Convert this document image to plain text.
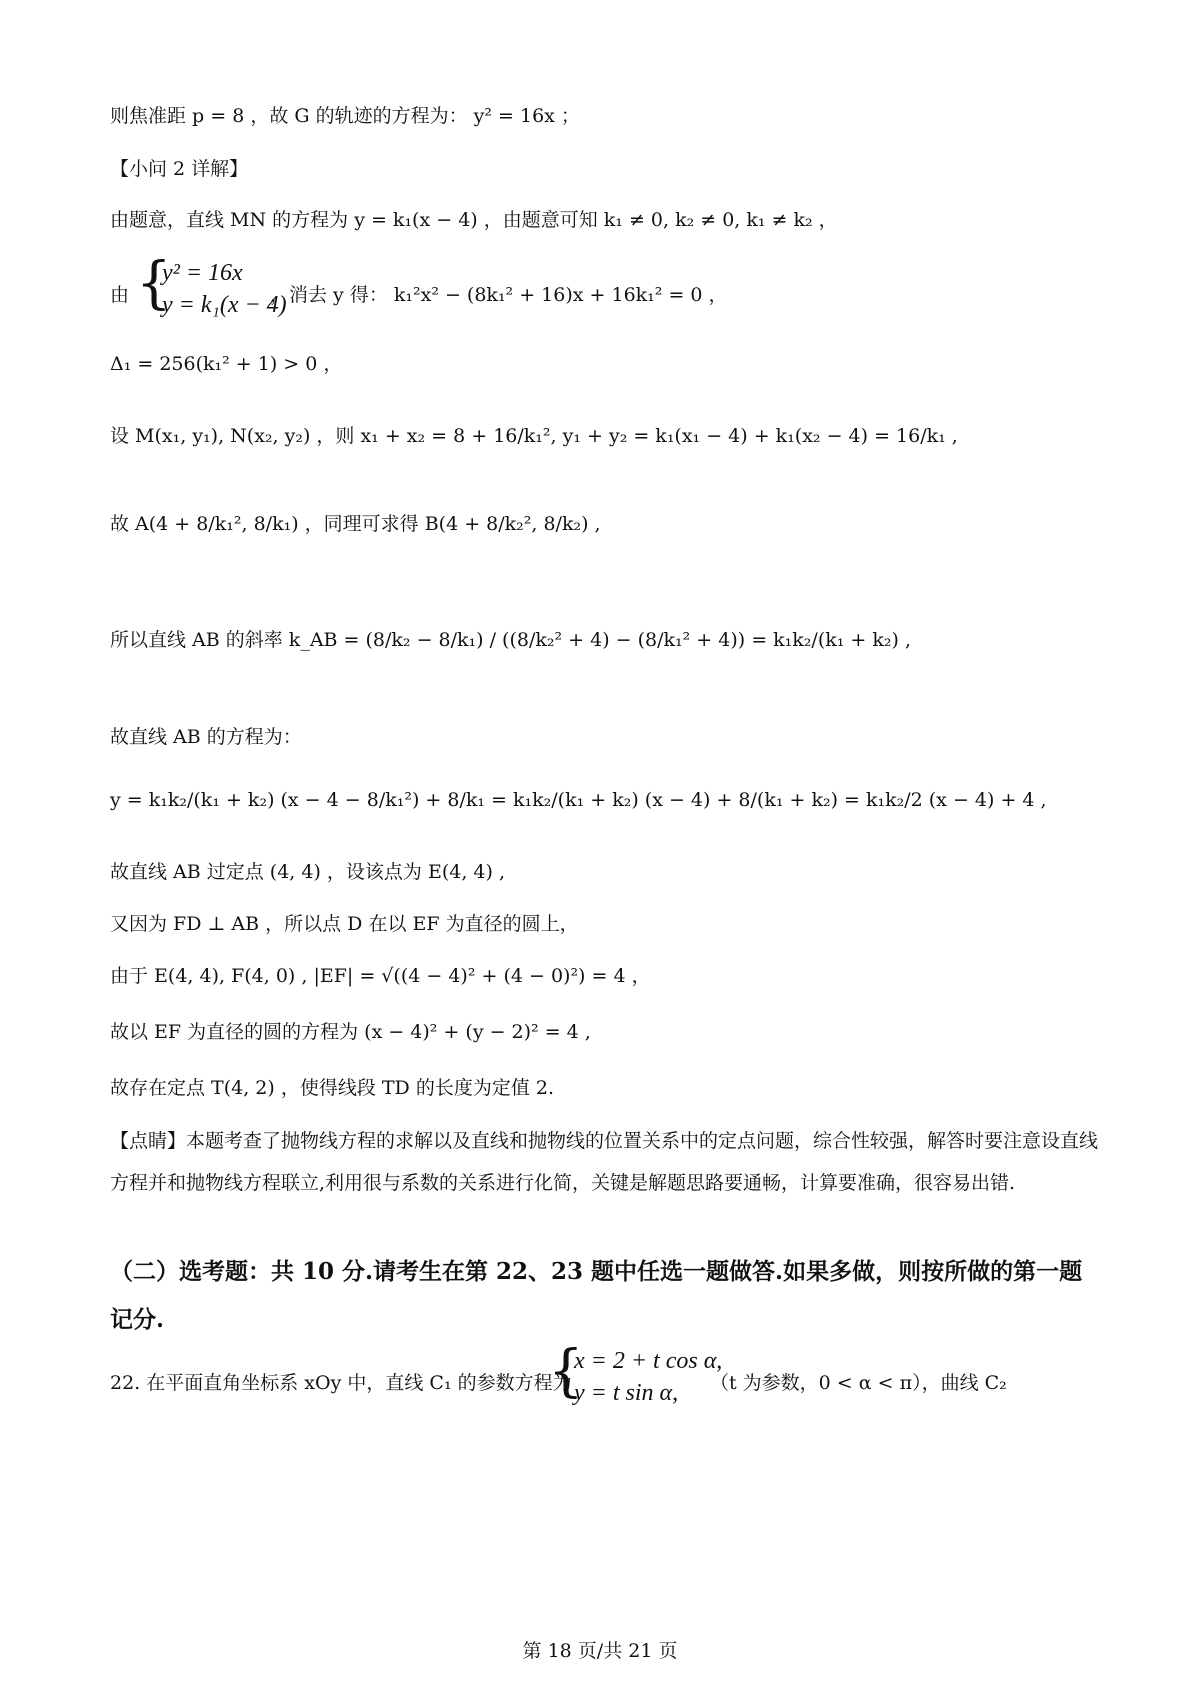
则焦准距 p = 8 ，故 G 的轨迹的方程为： y² = 16x ；
【小问 2 详解】
由题意，直线 MN 的方程为 y = k₁(x − 4) ，由题意可知 k₁ ≠ 0, k₂ ≠ 0, k₁ ≠ k₂ ，
由 {
y² = 16x
y = k₁(x − 4)
，消去 y 得： k₁²x² − (8k₁² + 16)x + 16k₁² = 0 ，
Δ₁ = 256(k₁² + 1) > 0 ，
设 M(x₁, y₁), N(x₂, y₂) ，则 x₁ + x₂ = 8 + 16/k₁², y₁ + y₂ = k₁(x₁ − 4) + k₁(x₂ − 4) = 16/k₁ ,
故 A(4 + 8/k₁², 8/k₁) ，同理可求得 B(4 + 8/k₂², 8/k₂) ,
所以直线 AB 的斜率 k_AB = (8/k₂ − 8/k₁) / ((8/k₂² + 4) − (8/k₁² + 4)) = k₁k₂/(k₁ + k₂) ,
故直线 AB 的方程为：
y = k₁k₂/(k₁ + k₂) (x − 4 − 8/k₁²) + 8/k₁ = k₁k₂/(k₁ + k₂) (x − 4) + 8/(k₁ + k₂) = k₁k₂/2 (x − 4) + 4 ,
故直线 AB 过定点 (4, 4) ，设该点为 E(4, 4) ,
又因为 FD ⊥ AB ，所以点 D 在以 EF 为直径的圆上，
由于 E(4, 4), F(4, 0) , |EF| = √((4 − 4)² + (4 − 0)²) = 4 ，
故以 EF 为直径的圆的方程为 (x − 4)² + (y − 2)² = 4 ,
故存在定点 T(4, 2) ，使得线段 TD 的长度为定值 2.
【点睛】本题考查了抛物线方程的求解以及直线和抛物线的位置关系中的定点问题，综合性较强，解答时要注意设直线方程并和抛物线方程联立,利用很与系数的关系进行化简，关键是解题思路要通畅，计算要准确，很容易出错.
（二）选考题：共 10 分.请考生在第 22、23 题中任选一题做答.如果多做，则按所做的第一题记分.
22. 在平面直角坐标系 xOy 中，直线 C₁ 的参数方程为
{
x = 2 + t cos α,
y = t sin α, （t 为参数，0 < α < π），曲线 C₂
第 18 页/共 21 页
